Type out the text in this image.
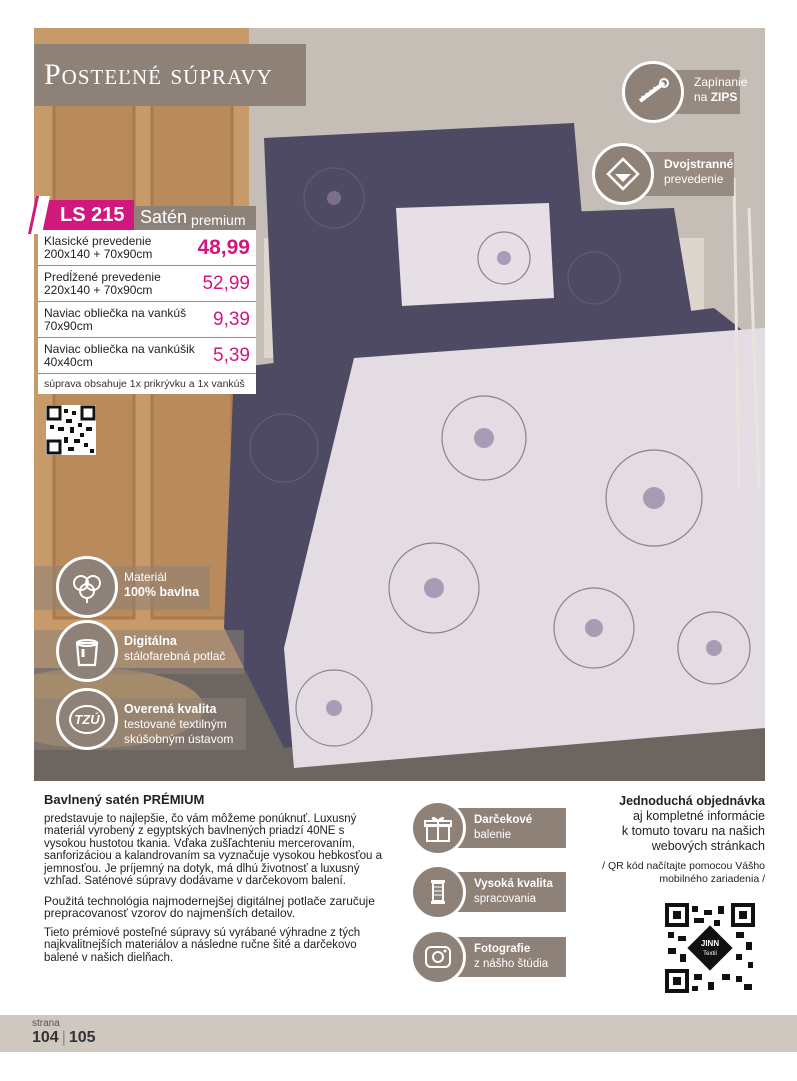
Posteľné súpravy
LS 215 Satén premium
Klasické prevedenie
200x140 + 70x90cm 48,99
Predĺžené prevedenie
220x140 + 70x90cm	52,99
Naviac obliečka na vankúš
70x90cm	9,39
Naviac obliečka na vankúšik
40x40cm	5,39
súprava obsahuje 1x prikrývku a 1x vankúš
Zapínanie
na ZIPS
Dvojstranné
prevedenie
Materiál
100% bavlna
Digitálna
stálofarebná potlač
TZÚ
Overená kvalita
testované textilným
skúšobným ústavom
Bavlnený satén PRÉMIUM

predstavuje to najlepšie, čo vám môžeme ponúknuť. Luxusný materiál vyrobený z egyptských bavlnených priadzí 40NE s vysokou hustotou tkania. Vďaka zušľachteniu mercerovaním, sanforizáciou a kalandrovaním sa vyznačuje vysokou hebkosťou a jemnosťou. Je príjemný na dotyk, má dlhú životnosť a luxusný vzhľad. Saténové súpravy dodávame v darčekovom balení.

Použitá technológia najmodernejšej digitálnej potlače zaručuje prepracovanosť vzorov do najmenších detailov.

Tieto prémiové posteľné súpravy sú vyrábané výhradne z tých najkvalitnejších materiálov a následne ručne šité a darčekovo balené v našich dielňach.

Darčekové
balenie
Vysoká kvalita
spracovania
Fotografie
z nášho štúdia
Jednoduchá objednávka
aj kompletné informácie
k tomuto tovaru na našich
webových stránkach
/ QR kód načítajte pomocou Vášho
mobilného zariadenia /
JINN
Textil
strana
104 | 105
